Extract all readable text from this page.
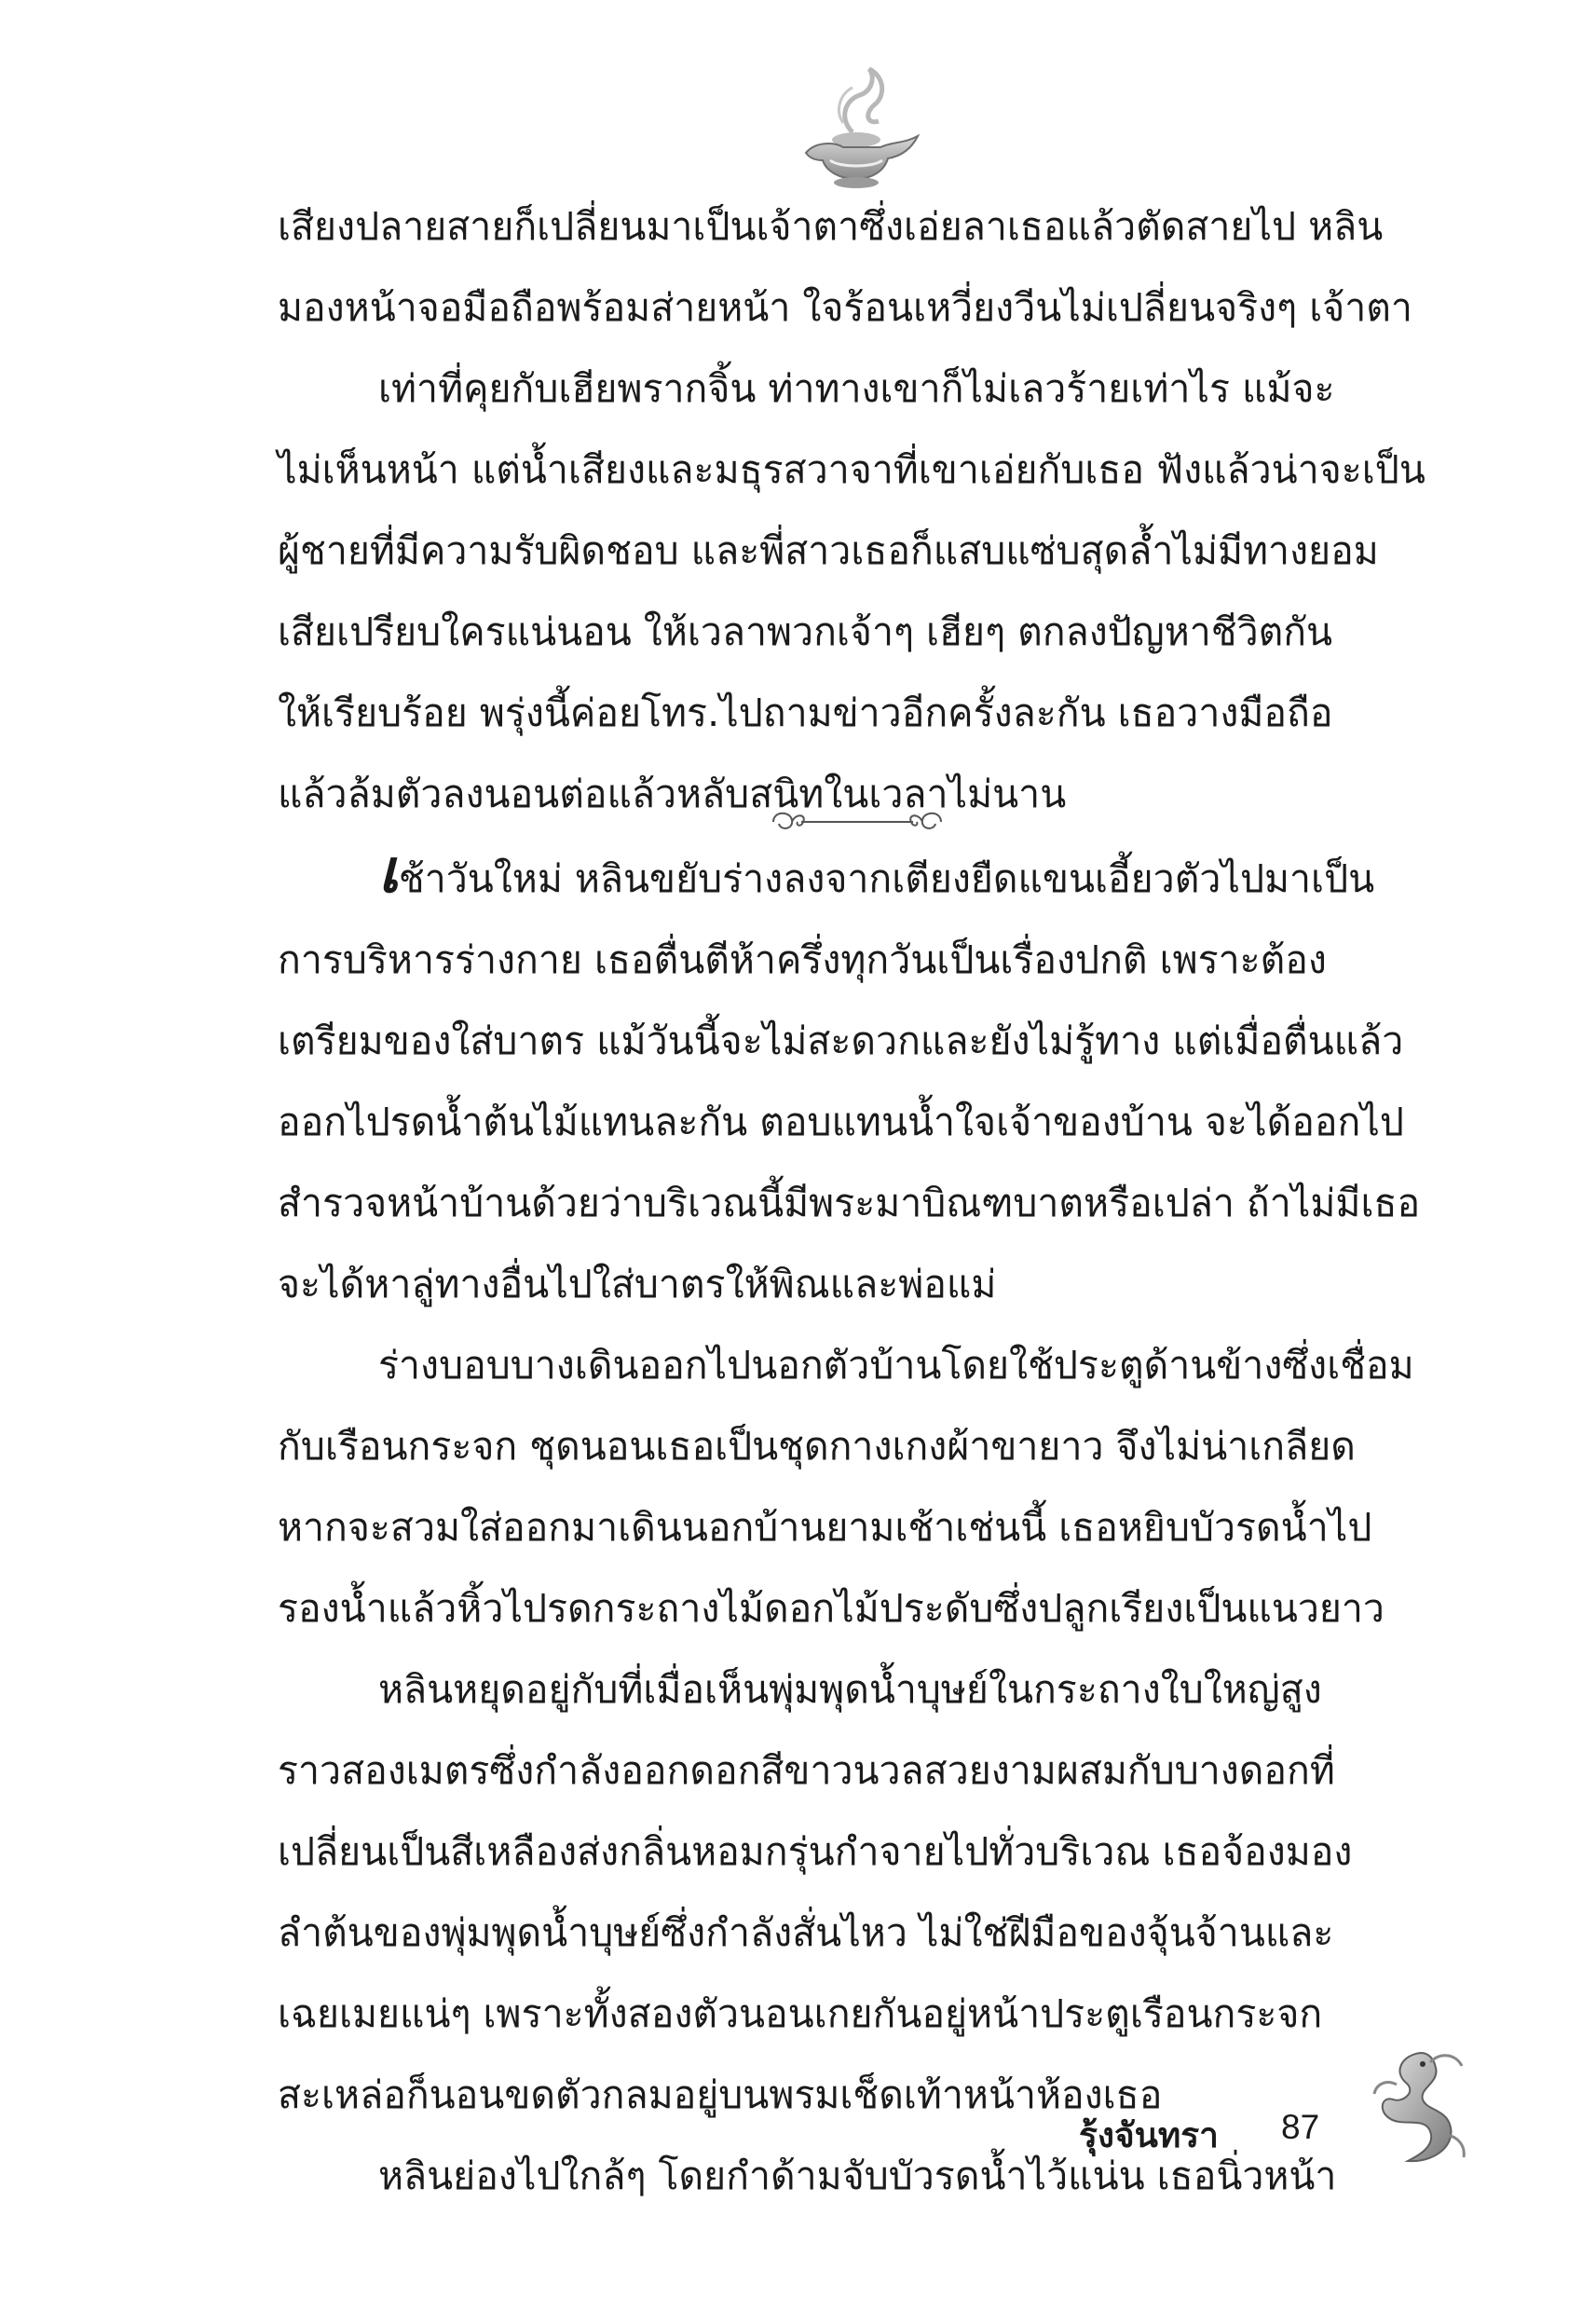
เสียงปลายสายก็เปลี่ยนมาเป็นเจ้าตาซึ่งเอ่ยลาเธอแล้วตัดสายไป หลิน
มองหน้าจอมือถือพร้อมส่ายหน้า ใจร้อนเหวี่ยงวีนไม่เปลี่ยนจริงๆ เจ้าตา
เท่าที่คุยกับเฮียพรากจิ้น ท่าทางเขาก็ไม่เลวร้ายเท่าไร แม้จะ
ไม่เห็นหน้า แต่น้ำเสียงและมธุรสวาจาที่เขาเอ่ยกับเธอ ฟังแล้วน่าจะเป็น
ผู้ชายที่มีความรับผิดชอบ และพี่สาวเธอก็แสบแซ่บสุดล้ำไม่มีทางยอม
เสียเปรียบใครแน่นอน ให้เวลาพวกเจ้าๆ เฮียๆ ตกลงปัญหาชีวิตกัน
ให้เรียบร้อย พรุ่งนี้ค่อยโทร.ไปถามข่าวอีกครั้งละกัน เธอวางมือถือ
แล้วล้มตัวลงนอนต่อแล้วหลับสนิทในเวลาไม่นาน
เช้าวันใหม่ หลินขยับร่างลงจากเตียงยืดแขนเอี้ยวตัวไปมาเป็น
การบริหารร่างกาย เธอตื่นตีห้าครึ่งทุกวันเป็นเรื่องปกติ เพราะต้อง
เตรียมของใส่บาตร แม้วันนี้จะไม่สะดวกและยังไม่รู้ทาง แต่เมื่อตื่นแล้ว
ออกไปรดน้ำต้นไม้แทนละกัน ตอบแทนน้ำใจเจ้าของบ้าน จะได้ออกไป
สำรวจหน้าบ้านด้วยว่าบริเวณนี้มีพระมาบิณฑบาตหรือเปล่า ถ้าไม่มีเธอ
จะได้หาลู่ทางอื่นไปใส่บาตรให้พิณและพ่อแม่
ร่างบอบบางเดินออกไปนอกตัวบ้านโดยใช้ประตูด้านข้างซึ่งเชื่อม
กับเรือนกระจก ชุดนอนเธอเป็นชุดกางเกงผ้าขายาว จึงไม่น่าเกลียด
หากจะสวมใส่ออกมาเดินนอกบ้านยามเช้าเช่นนี้ เธอหยิบบัวรดน้ำไป
รองน้ำแล้วหิ้วไปรดกระถางไม้ดอกไม้ประดับซึ่งปลูกเรียงเป็นแนวยาว
หลินหยุดอยู่กับที่เมื่อเห็นพุ่มพุดน้ำบุษย์ในกระถางใบใหญ่สูง
ราวสองเมตรซึ่งกำลังออกดอกสีขาวนวลสวยงามผสมกับบางดอกที่
เปลี่ยนเป็นสีเหลืองส่งกลิ่นหอมกรุ่นกำจายไปทั่วบริเวณ เธอจ้องมอง
ลำต้นของพุ่มพุดน้ำบุษย์ซึ่งกำลังสั่นไหว ไม่ใช่ฝีมือของจุ้นจ้านและ
เฉยเมยแน่ๆ เพราะทั้งสองตัวนอนเกยกันอยู่หน้าประตูเรือนกระจก
สะเหล่อก็นอนขดตัวกลมอยู่บนพรมเช็ดเท้าหน้าห้องเธอ
หลินย่องไปใกล้ๆ โดยกำด้ามจับบัวรดน้ำไว้แน่น เธอนิ่วหน้า
รุ้งจันทรา 87
